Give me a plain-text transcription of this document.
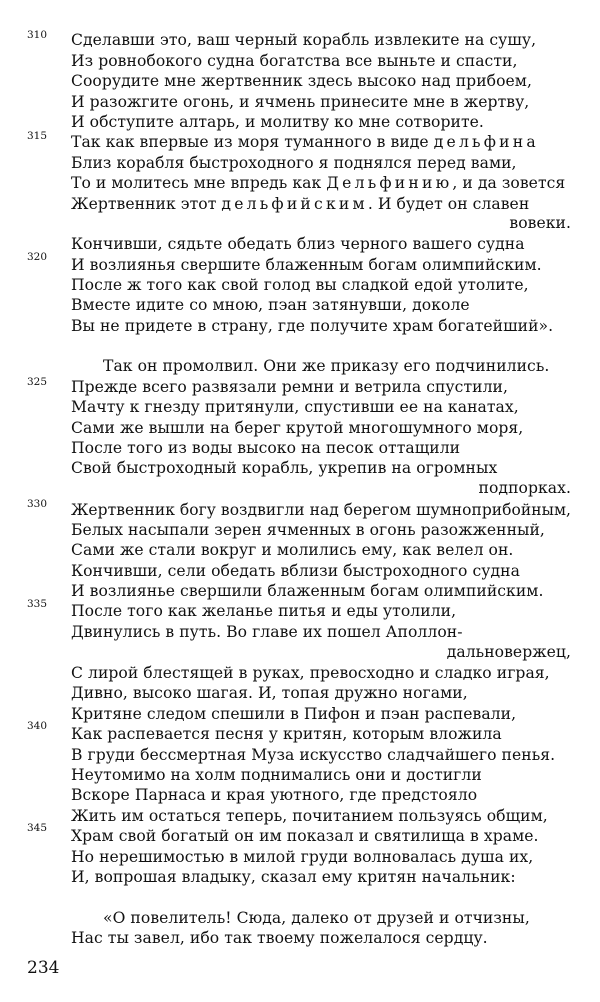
310
315
320
325
330
335
340
345
Сделавши это, ваш черный корабль извлеките на сушу,
Из ровнобокого судна богатства все выньте и спасти,
Соорудите мне жертвенник здесь высоко над прибоем,
И разожгите огонь, и ячмень принесите мне в жертву,
И обступите алтарь, и молитву ко мне сотворите.
Так как впервые из моря туманного в виде дельфина
Близ корабля быстроходного я поднялся перед вами,
То и молитесь мне впредь как Дельфинию, и да зовется
Жертвенник этот дельфийским. И будет он славен
вовеки.
Кончивши, сядьте обедать близ черного вашего судна
И возлиянья свершите блаженным богам олимпийским.
После ж того как свой голод вы сладкой едой утолите,
Вместе идите со мною, пэан затянувши, доколе
Вы не придете в страну, где получите храм богатейший».
Так он промолвил. Они же приказу его подчинились.
Прежде всего развязали ремни и ветрила спустили,
Мачту к гнезду притянули, спустивши ее на канатах,
Сами же вышли на берег крутой многошумного моря,
После того из воды высоко на песок оттащили
Свой быстроходный корабль, укрепив на огромных
подпорках.
Жертвенник богу воздвигли над берегом шумноприбойным,
Белых насыпали зерен ячменных в огонь разожженный,
Сами же стали вокруг и молились ему, как велел он.
Кончивши, сели обедать вблизи быстроходного судна
И возлиянье свершили блаженным богам олимпийским.
После того как желанье питья и еды утолили,
Двинулись в путь. Во главе их пошел Аполлон-
дальновержец,
С лирой блестящей в руках, превосходно и сладко играя,
Дивно, высоко шагая. И, топая дружно ногами,
Критяне следом спешили в Пифон и пэан распевали,
Как распевается песня у критян, которым вложила
В груди бессмертная Муза искусство сладчайшего пенья.
Неутомимо на холм поднимались они и достигли
Вскоре Парнаса и края уютного, где предстояло
Жить им остаться теперь, почитанием пользуясь общим,
Храм свой богатый он им показал и святилища в храме.
Но нерешимостью в милой груди волновалась душа их,
И, вопрошая владыку, сказал ему критян начальник:
«О повелитель! Сюда, далеко от друзей и отчизны,
Нас ты завел, ибо так твоему пожелалося сердцу.
234
